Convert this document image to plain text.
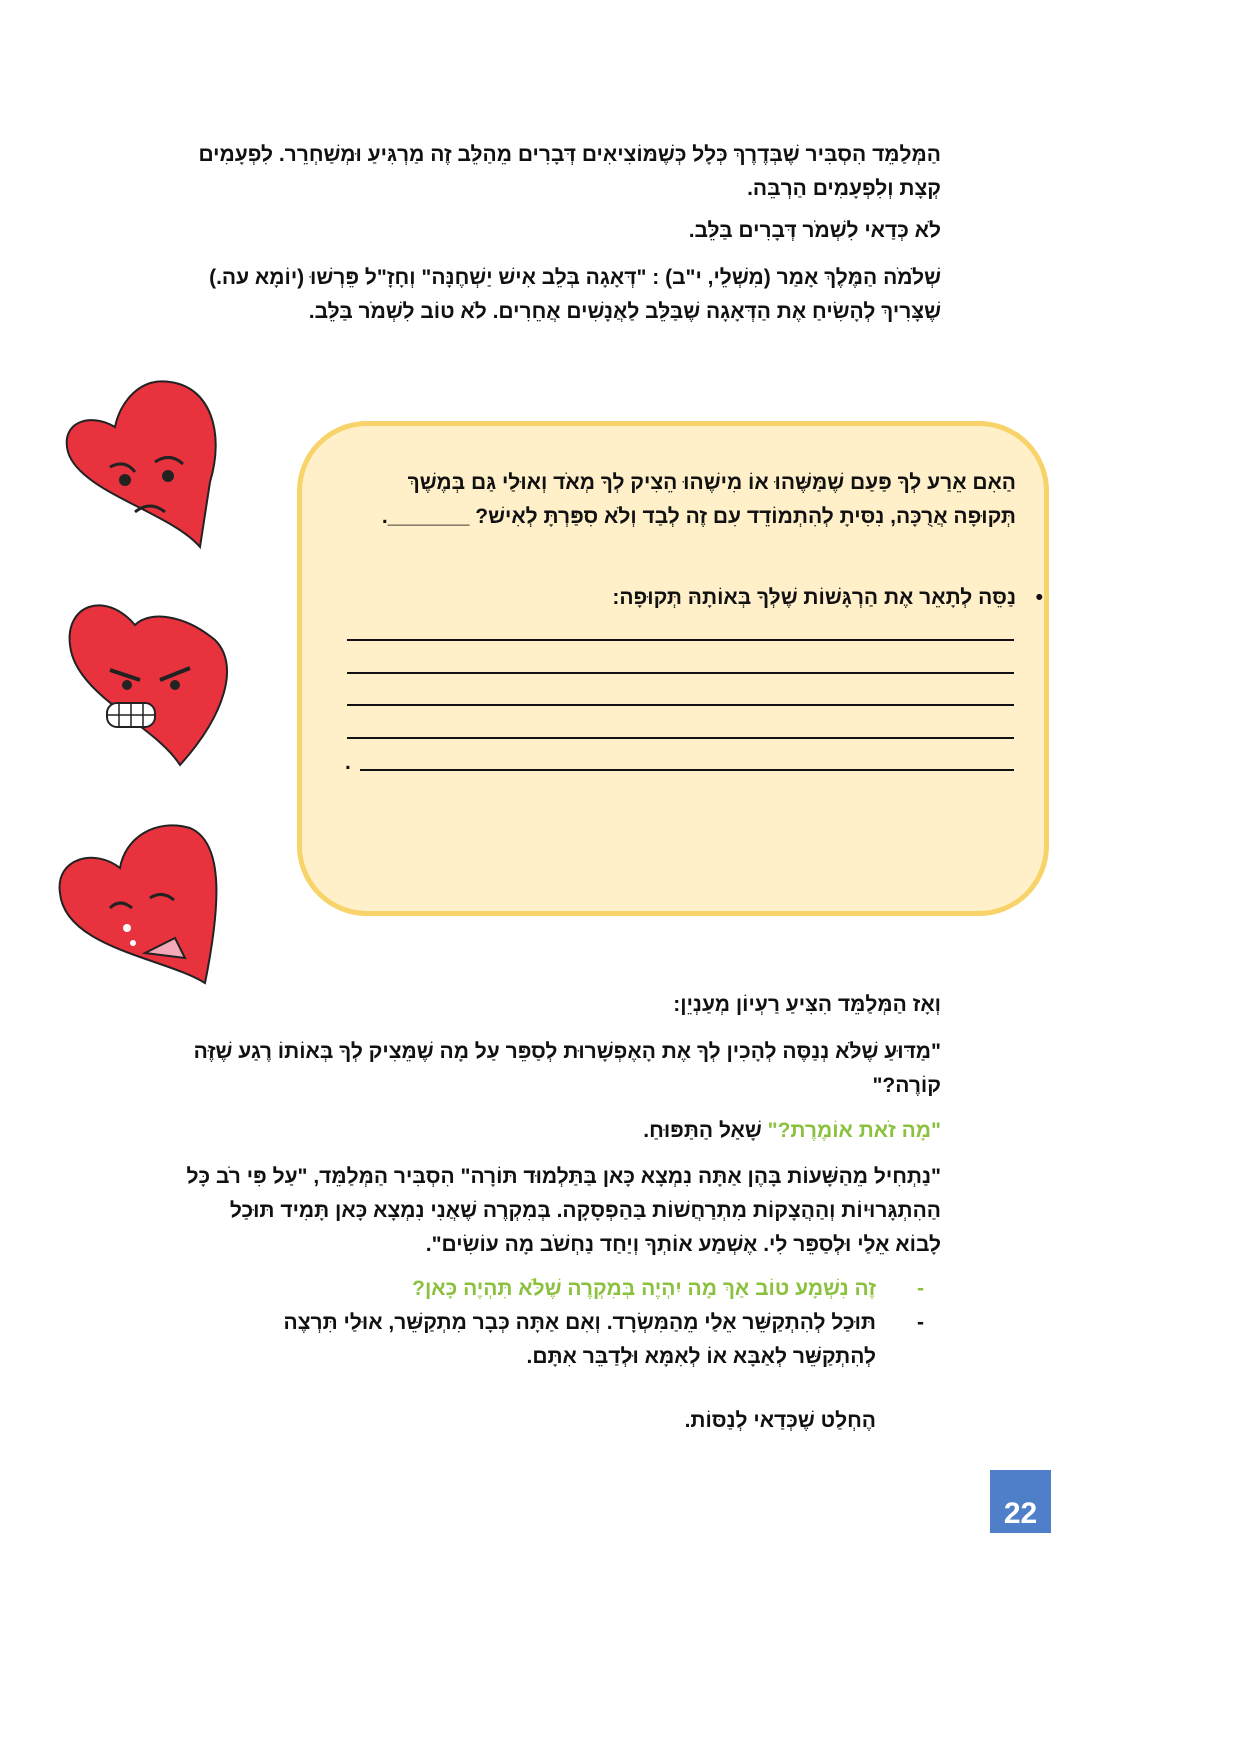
הַמְּלַמֵּד הִסְבִּיר שֶׁבְּדֶרֶךְ כְּלָל כְּשֶׁמּוֹצִיאִים דְּבָרִים מֵהַלֵּב זֶה מַרְגִּיעַ וּמְשַׁחְרֵר. לִפְעָמִים קְצָת וְלִפְעָמִים הַרְבֵּה.

לֹא כְּדַאי לִשְׁמֹר דְּבָרִים בַּלֵּב.

שְׁלֹמֹה הַמֶּלֶךְ אָמַר (מִשְׁלֵי, י"ב) : "דְּאָגָה בְּלֵב אִישׁ יַשְׁחֶנָּה" וְחָזָ"ל פֵּרְשׁוּ (יוֹמָא עה.) שֶׁצָּרִיךְ לְהָשִׂיחַ אֶת הַדְּאָגָה שֶׁבַּלֵּב לַאֲנָשִׁים אֲחֵרִים. לֹא טוֹב לִשְׁמֹר בַּלֵּב.

הַאִם אֵרַע לְךָ פַּעַם שֶׁמַּשֶּׁהוּ אוֹ מִישֶׁהוּ הֵצִיק לְךָ מְאֹד וְאוּלַי גַּם בְּמֶשֶׁךְ תְּקוּפָה אֲרֻכָּה, נִסִּיתָ לְהִתְמוֹדֵד עִם זֶה לְבַד וְלֹא סִפַּרְתָּ לְאִישׁ? _______.

•
נַסֵּה לְתָאֵר אֶת הַרְגָּשׁוֹת שֶׁלְּךָ בְּאוֹתָהּ תְּקוּפָה:
.

וְאָז הַמְּלַמֵּד הִצִּיעַ רַעְיוֹן מְעַנְיֵן:

"מַדּוּעַ שֶׁלֹּא נְנַסֶּה לְהָכִין לְךָ אֶת הָאֶפְשָׁרוּת לְסַפֵּר עַל מָה שֶׁמֵּצִיק לְךָ בְּאוֹתוֹ רֶגַע שֶׁזֶּה קוֹרֶה?"

"מָה זֹאת אוֹמֶרֶת?" שָׁאַל הַתַּפּוּחַ.

"נַתְחִיל מֵהַשָּׁעוֹת בָּהֶן אַתָּה נִמְצָא כָּאן בַּתַּלְמוּד תּוֹרָה" הִסְבִּיר הַמְּלַמֵּד, "עַל פִּי רֹב כָּל הַהִתְגָּרוּיוֹת וְהַהֲצָקוֹת מִתְרַחֲשׁוֹת בַּהַפְסָקָה. בְּמִקְרֶה שֶׁאֲנִי נִמְצָא כָּאן תָּמִיד תּוּכַל לָבוֹא אֵלַי וּלְסַפֵּר לִי. אֶשְׁמַע אוֹתְךָ וְיַחַד נַחְשֹׁב מָה עוֹשִׂים".

-
זֶה נִשְׁמָע טוֹב אַךְ מָה יִהְיֶה בְּמִקְרֶה שֶׁלֹּא תִּהְיֶה כָּאן?
-
תּוּכַל לְהִתְקַשֵּׁר אֵלַי מֵהַמִּשְׂרָד. וְאִם אַתָּה כְּבָר מִתְקַשֵּׁר, אוּלַי תִּרְצֶה לְהִתְקַשֵּׁר לְאַבָּא אוֹ לְאִמָּא וּלְדַבֵּר אִתָּם.

הֶחְלַט שֶׁכְּדַאי לְנַסּוֹת.

22
